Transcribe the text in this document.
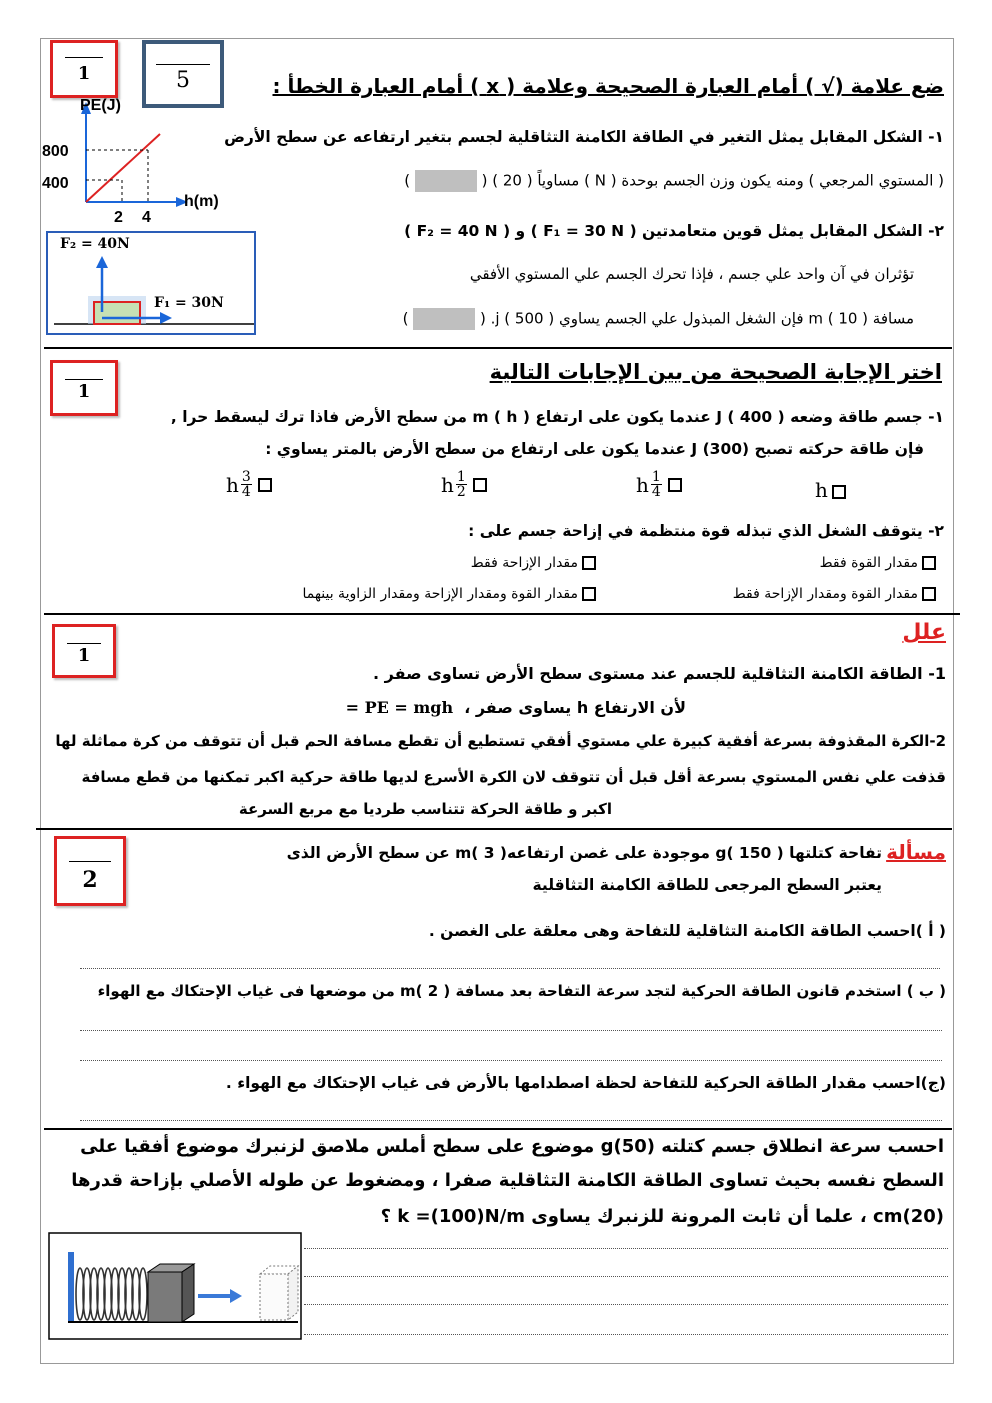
1	5	ضع علامة (√ ) أمام العبارة الصحيحة وعلامة ( x ) أمام العبارة الخطأ :
١- الشكل المقابل يمثل التغير في الطاقة الكامنة التثاقلية لجسم بتغير ارتفاعه عن سطح الأرض
( المستوي المرجعي ) ومنه يكون وزن الجسم بوحدة ( N ) مساوياً ( 20 ) (  )
٢- الشكل المقابل يمثل قوين متعامدتين ( F₁ = 30 N ) و ( F₂ = 40 N )
تؤثران في آن واحد علي جسم ، فإذا تحرك الجسم علي المستوي الأفقي
مسافة m ( 10 ) فإن الشغل المبذول علي الجسم يساوي j ( 500 ). (  )
PE(J)
h(m)
800
400
2 4
F₂ = 40N
F₁ = 30N
1
اختر الإجابة الصحيحة من بين الإجابات التالية
١- جسم طاقة وضعه J ( 400 ) عندما يكون على ارتفاع m ( h ) من سطح الأرض فاذا ترك ليسقط حرا ,
فإن طاقة حركته تصبح J (300) عندما يكون على ارتفاع من سطح الأرض بالمتر يساوي :
h
h $\frac{1}{4}$
h $\frac{1}{2}$
h $\frac{3}{4}$
٢- يتوقف الشغل الذي تبذله قوة منتظمة في إزاحة جسم على :
مقدار القوة فقط
مقدار الإزاحة فقط
مقدار القوة ومقدار الإزاحة فقط
مقدار القوة ومقدار الإزاحة ومقدار الزاوية بينهما
1
علل
1- الطاقة الكامنة التثاقلية للجسم عند مستوى سطح الأرض تساوى صفر .
لأن الارتفاع h يساوى صفر ، PE = mgh =
2-الكرة المقذوفة بسرعة أفقية كبيرة علي مستوي أفقي تستطيع أن تقطع مسافة الحم قبل أن تتوقف من كرة مماثلة لها
قذفت علي نفس المستوي بسرعة أقل قبل أن تتوقف لان الكرة الأسرع لديها طاقة حركية اكبر تمكنها من قطع مسافة
اكبر و طاقة الحركة تتناسب طرديا مع مربع السرعة
2
مسألة
تفاحة كتلتها g( 150 ) موجودة على غصن ارتفاعهm( 3 ) عن سطح الأرض الذى
يعتبر السطح المرجعى للطاقة الكامنة التثاقلية
( أ )احسب الطاقة الكامنة التثاقلية للتفاحة وهى معلقة على الغصن .
( ب ) استخدم قانون الطاقة الحركية لتجد سرعة التفاحة بعد مسافة m( 2 ) من موضعها فى غياب الإحتكاك مع الهواء
(ج)احسب مقدار الطاقة الحركية للتفاحة لحظة اصطدامها بالأرض فى غياب الإحتكاك مع الهواء .
احسب سرعة انطلاق جسم كتلته g(50) موضوع على سطح أملس ملاصق لزنبرك موضوع أفقيا على
السطح نفسه بحيث تساوى الطاقة الكامنة التثاقلية صفرا ، ومضغوط عن طوله الأصلي بإزاحة قدرها
(20)cm ، علما أن ثابت المرونة للزنبرك يساوى k =(100)N/m ؟
